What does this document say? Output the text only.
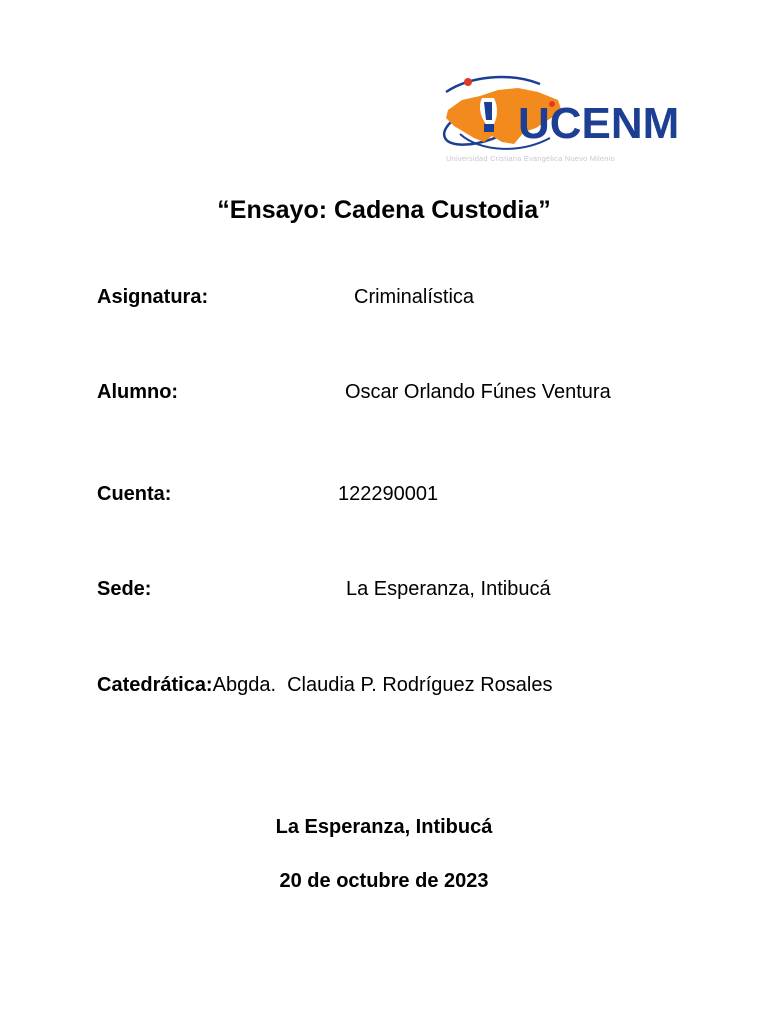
UCENM
Universidad Cristiana Evangélica Nuevo Milenio
“Ensayo: Cadena Custodia”
Asignatura:	Criminalística
Alumno:	Oscar Orlando Fúnes Ventura
Cuenta:	122290001
Sede:	La Esperanza, Intibucá
Catedrática:Abgda.  Claudia P. Rodríguez Rosales
La Esperanza, Intibucá
20 de octubre de 2023
